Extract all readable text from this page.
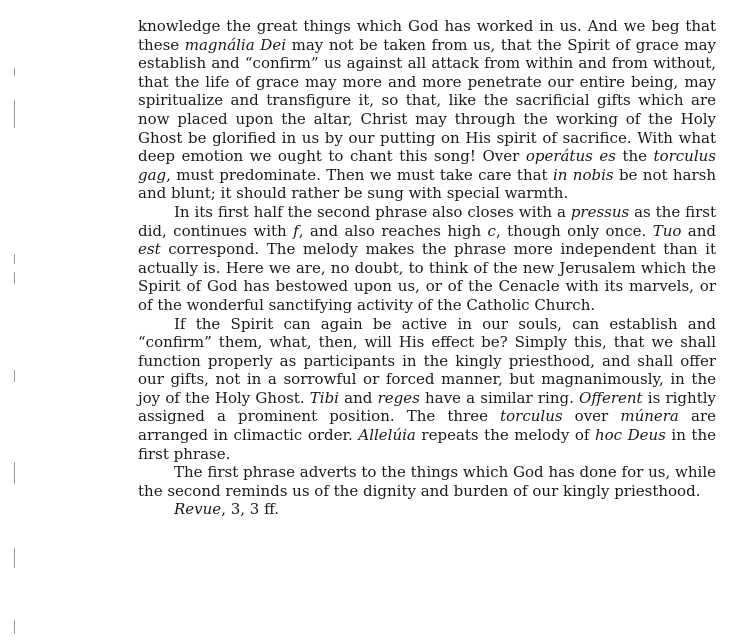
knowledge the great things which God has worked in us. And we beg that these magnália Dei may not be taken from us, that the Spirit of grace may establish and “confirm” us against all attack from within and from without, that the life of grace may more and more penetrate our entire being, may spiritualize and transfigure it, so that, like the sacrificial gifts which are now placed upon the altar, Christ may through the working of the Holy Ghost be glorified in us by our putting on His spirit of sacrifice. With what deep emotion we ought to chant this song! Over operátus es the torculus gag, must predominate. Then we must take care that in nobis be not harsh and blunt; it should rather be sung with special warmth.

In its first half the second phrase also closes with a pressus as the first did, continues with f, and also reaches high c, though only once. Tuo and est correspond. The melody makes the phrase more independent than it actually is. Here we are, no doubt, to think of the new Jerusalem which the Spirit of God has bestowed upon us, or of the Cenacle with its marvels, or of the wonderful sanctifying activity of the Catholic Church.

If the Spirit can again be active in our souls, can establish and “confirm” them, what, then, will His effect be? Simply this, that we shall function properly as participants in the kingly priesthood, and shall offer our gifts, not in a sorrowful or forced manner, but magnanimously, in the joy of the Holy Ghost. Tibi and reges have a similar ring. Offerent is rightly assigned a prominent position. The three torculus over múnera are arranged in climactic order. Allelúia repeats the melody of hoc Deus in the first phrase.

The first phrase adverts to the things which God has done for us, while the second reminds us of the dignity and burden of our kingly priesthood.

Revue, 3, 3 ff.
